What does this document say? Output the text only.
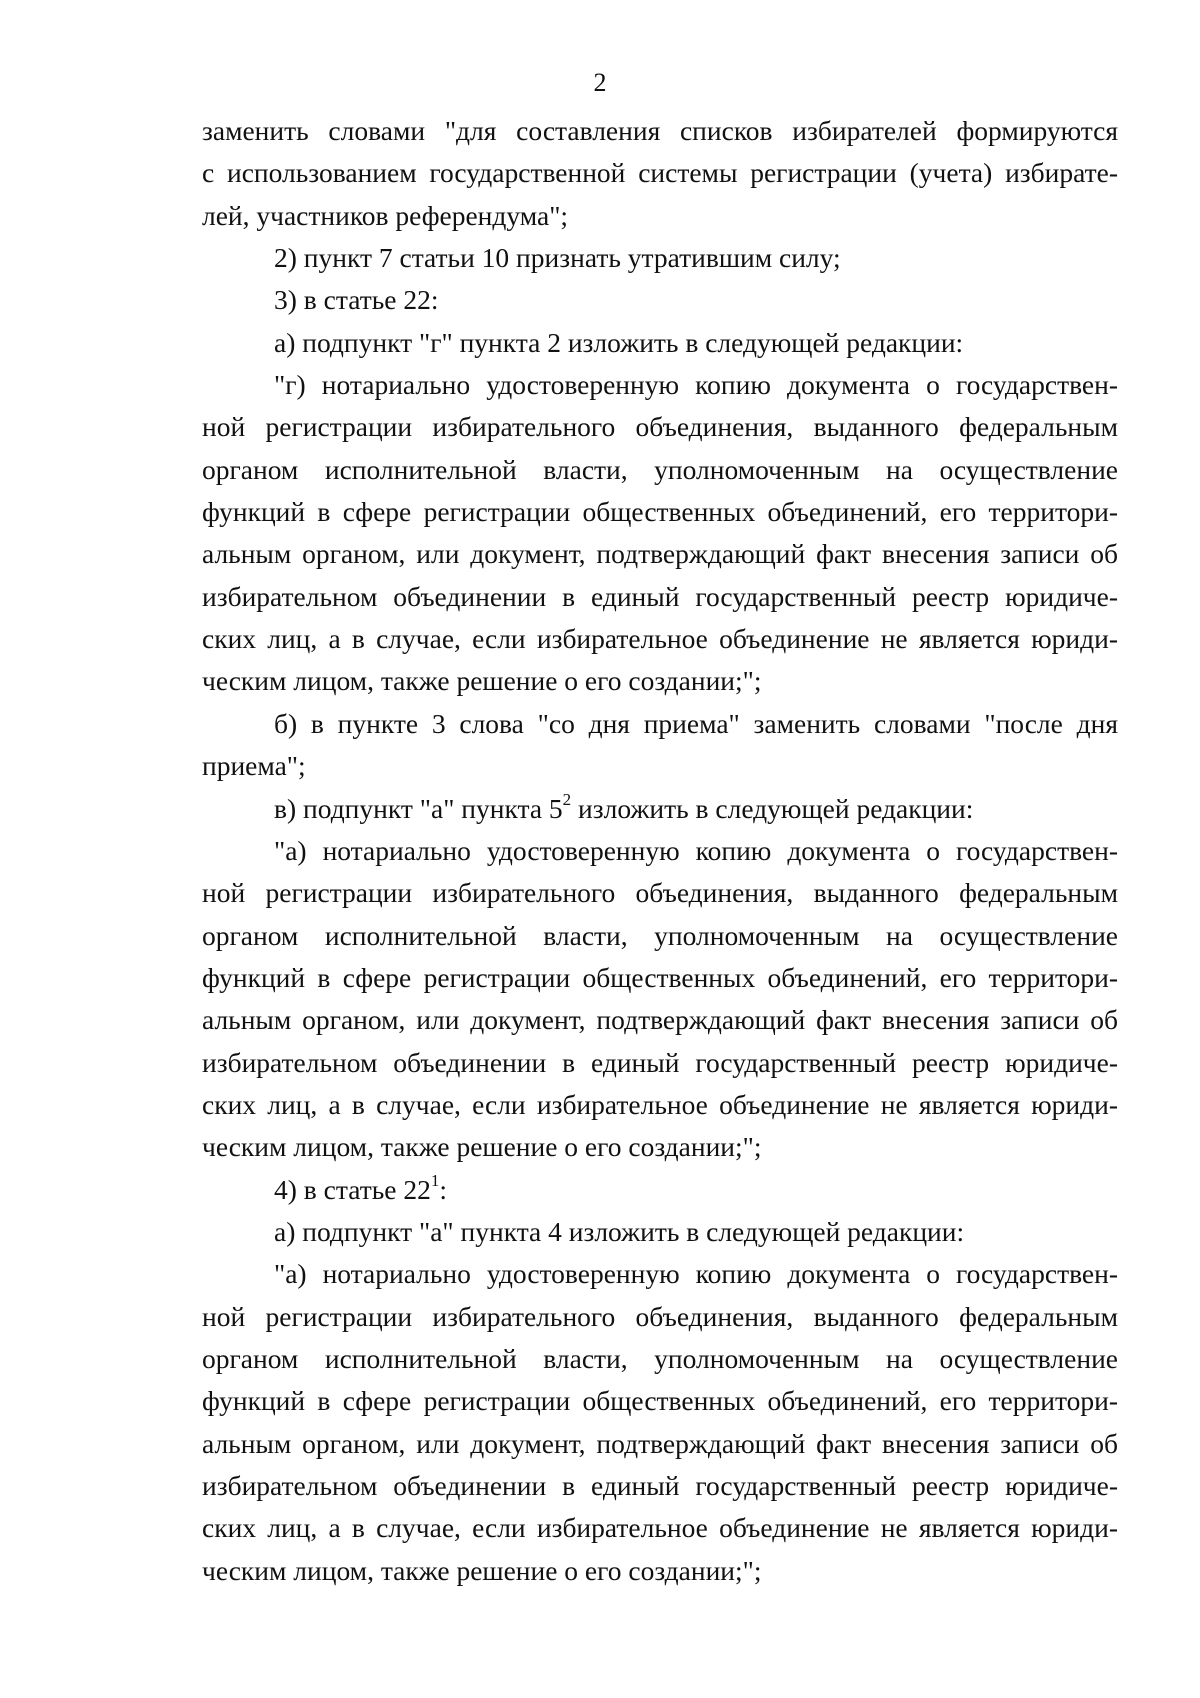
2
заменить словами "для составления списков избирателей формируются
с использованием государственной системы регистрации (учета) избирате-
лей, участников референдума";
2) пункт 7 статьи 10 признать утратившим силу;
3) в статье 22:
а) подпункт "г" пункта 2 изложить в следующей редакции:
"г) нотариально удостоверенную копию документа о государствен-
ной регистрации избирательного объединения, выданного федеральным
органом исполнительной власти, уполномоченным на осуществление
функций в сфере регистрации общественных объединений, его территори-
альным органом, или документ, подтверждающий факт внесения записи об
избирательном объединении в единый государственный реестр юридиче-
ских лиц, а в случае, если избирательное объединение не является юриди-
ческим лицом, также решение о его создании;";
б) в пункте 3 слова "со дня приема" заменить словами "после дня
приема";
в) подпункт "а" пункта $5^2$ изложить в следующей редакции:
"а) нотариально удостоверенную копию документа о государствен-
ной регистрации избирательного объединения, выданного федеральным
органом исполнительной власти, уполномоченным на осуществление
функций в сфере регистрации общественных объединений, его территори-
альным органом, или документ, подтверждающий факт внесения записи об
избирательном объединении в единый государственный реестр юридиче-
ских лиц, а в случае, если избирательное объединение не является юриди-
ческим лицом, также решение о его создании;";
4) в статье $22^1$:
а) подпункт "а" пункта 4 изложить в следующей редакции:
"а) нотариально удостоверенную копию документа о государствен-
ной регистрации избирательного объединения, выданного федеральным
органом исполнительной власти, уполномоченным на осуществление
функций в сфере регистрации общественных объединений, его территори-
альным органом, или документ, подтверждающий факт внесения записи об
избирательном объединении в единый государственный реестр юридиче-
ских лиц, а в случае, если избирательное объединение не является юриди-
ческим лицом, также решение о его создании;";
